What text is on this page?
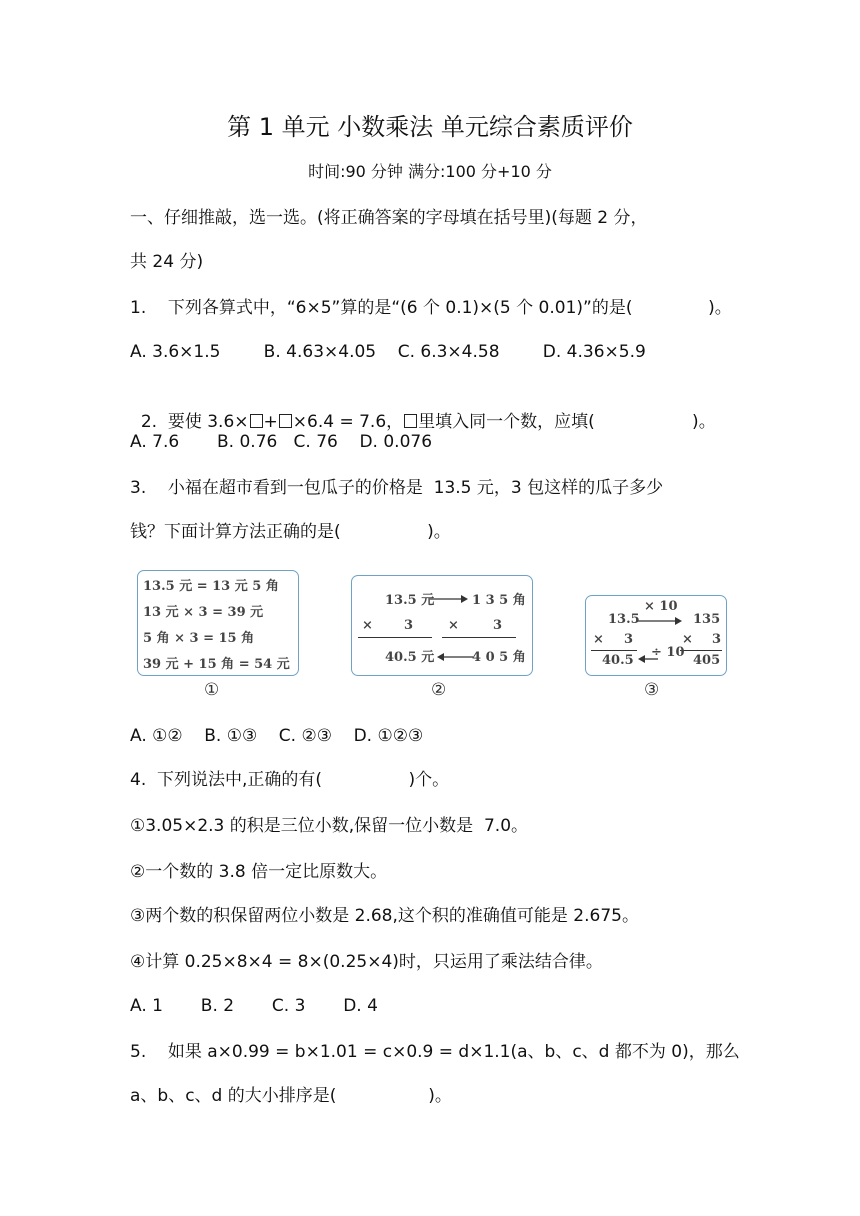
第 1 单元 小数乘法 单元综合素质评价
时间:90 分钟 满分:100 分+10 分
一、仔细推敲，选一选。(将正确答案的字母填在括号里)(每题 2 分，
共 24 分)
1.    下列各算式中，“6×5”算的是“(6 个 0.1)×(5 个 0.01)”的是(              )。
A. 3.6×1.5        B. 4.63×4.05    C. 6.3×4.58        D. 4.36×5.9

2.  要使 3.6× + ×6.4 = 7.6， 里填入同一个数，应填(                  )。

A. 7.6       B. 0.76   C. 76    D. 0.076
3.    小福在超市看到一包瓜子的价格是  13.5 元，3 包这样的瓜子多少
钱？下面计算方法正确的是(                )。
13.5 元 = 13 元 5 角
13 元 × 3 = 39 元
5 角 × 3 = 15 角
39 元 + 15 角 = 54 元
①
13.5 元	1 3 5 角
× 3	×	3
40.5 元	4 0 5 角
②
13.5
× 10
135
× 3	× 3
40.5
÷ 10
405
③
A. ①②    B. ①③    C. ②③    D. ①②③
4.  下列说法中,正确的有(                )个。
①3.05×2.3 的积是三位小数,保留一位小数是  7.0。
②一个数的 3.8 倍一定比原数大。
③两个数的积保留两位小数是 2.68,这个积的准确值可能是 2.675。
④计算 0.25×8×4 = 8×(0.25×4)时，只运用了乘法结合律。
A. 1       B. 2       C. 3       D. 4
5.    如果 a×0.99 = b×1.01 = c×0.9 = d×1.1(a、b、c、d 都不为 0)，那么
a、b、c、d 的大小排序是(                 )。
